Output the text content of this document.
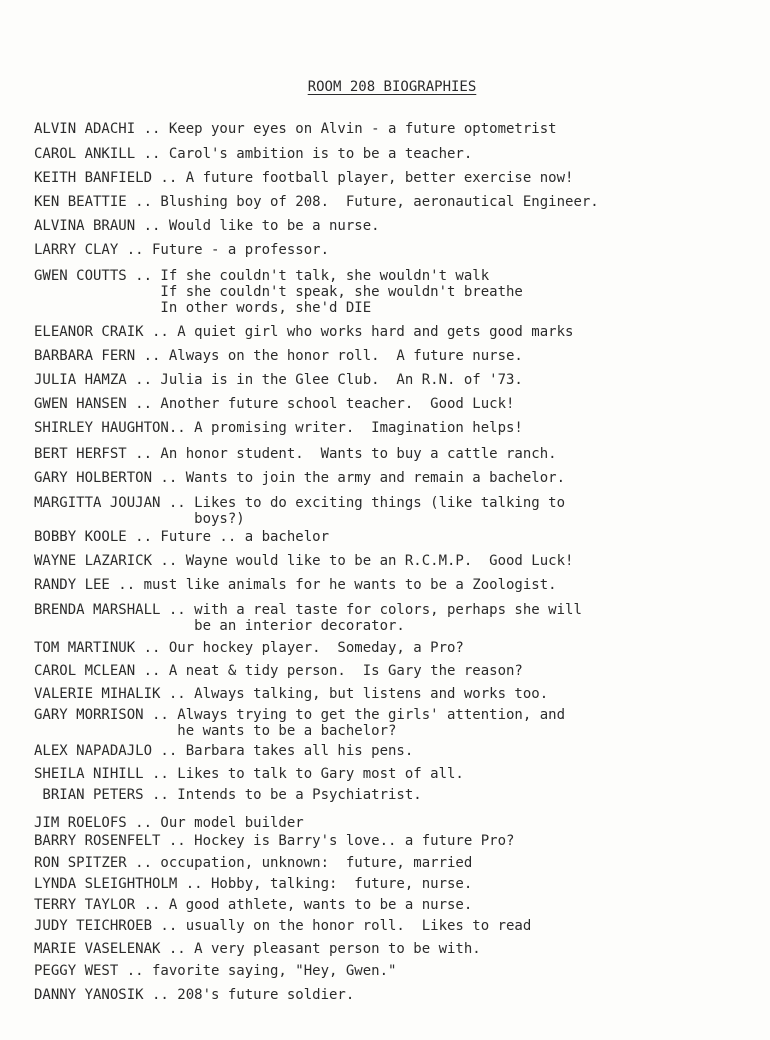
ROOM 208 BIOGRAPHIES
ALVIN ADACHI .. Keep your eyes on Alvin - a future optometrist
CAROL ANKILL .. Carol's ambition is to be a teacher.
KEITH BANFIELD .. A future football player, better exercise now!
KEN BEATTIE .. Blushing boy of 208.  Future, aeronautical Engineer.
ALVINA BRAUN .. Would like to be a nurse.
LARRY CLAY .. Future - a professor.
GWEN COUTTS .. If she couldn't talk, she wouldn't walk
If she couldn't speak, she wouldn't breathe
In other words, she'd DIE
ELEANOR CRAIK .. A quiet girl who works hard and gets good marks
BARBARA FERN .. Always on the honor roll.  A future nurse.
JULIA HAMZA .. Julia is in the Glee Club.  An R.N. of '73.
GWEN HANSEN .. Another future school teacher.  Good Luck!
SHIRLEY HAUGHTON.. A promising writer.  Imagination helps!
BERT HERFST .. An honor student.  Wants to buy a cattle ranch.
GARY HOLBERTON .. Wants to join the army and remain a bachelor.
MARGITTA JOUJAN .. Likes to do exciting things (like talking to
boys?)
BOBBY KOOLE .. Future .. a bachelor
WAYNE LAZARICK .. Wayne would like to be an R.C.M.P.  Good Luck!
RANDY LEE .. must like animals for he wants to be a Zoologist.
BRENDA MARSHALL .. with a real taste for colors, perhaps she will
be an interior decorator.
TOM MARTINUK .. Our hockey player.  Someday, a Pro?
CAROL MCLEAN .. A neat & tidy person.  Is Gary the reason?
VALERIE MIHALIK .. Always talking, but listens and works too.
GARY MORRISON .. Always trying to get the girls' attention, and
he wants to be a bachelor?
ALEX NAPADAJLO .. Barbara takes all his pens.
SHEILA NIHILL .. Likes to talk to Gary most of all.
BRIAN PETERS .. Intends to be a Psychiatrist.
JIM ROELOFS .. Our model builder
BARRY ROSENFELT .. Hockey is Barry's love.. a future Pro?
RON SPITZER .. occupation, unknown:  future, married
LYNDA SLEIGHTHOLM .. Hobby, talking:  future, nurse.
TERRY TAYLOR .. A good athlete, wants to be a nurse.
JUDY TEICHROEB .. usually on the honor roll.  Likes to read
MARIE VASELENAK .. A very pleasant person to be with.
PEGGY WEST .. favorite saying, "Hey, Gwen."
DANNY YANOSIK .. 208's future soldier.
